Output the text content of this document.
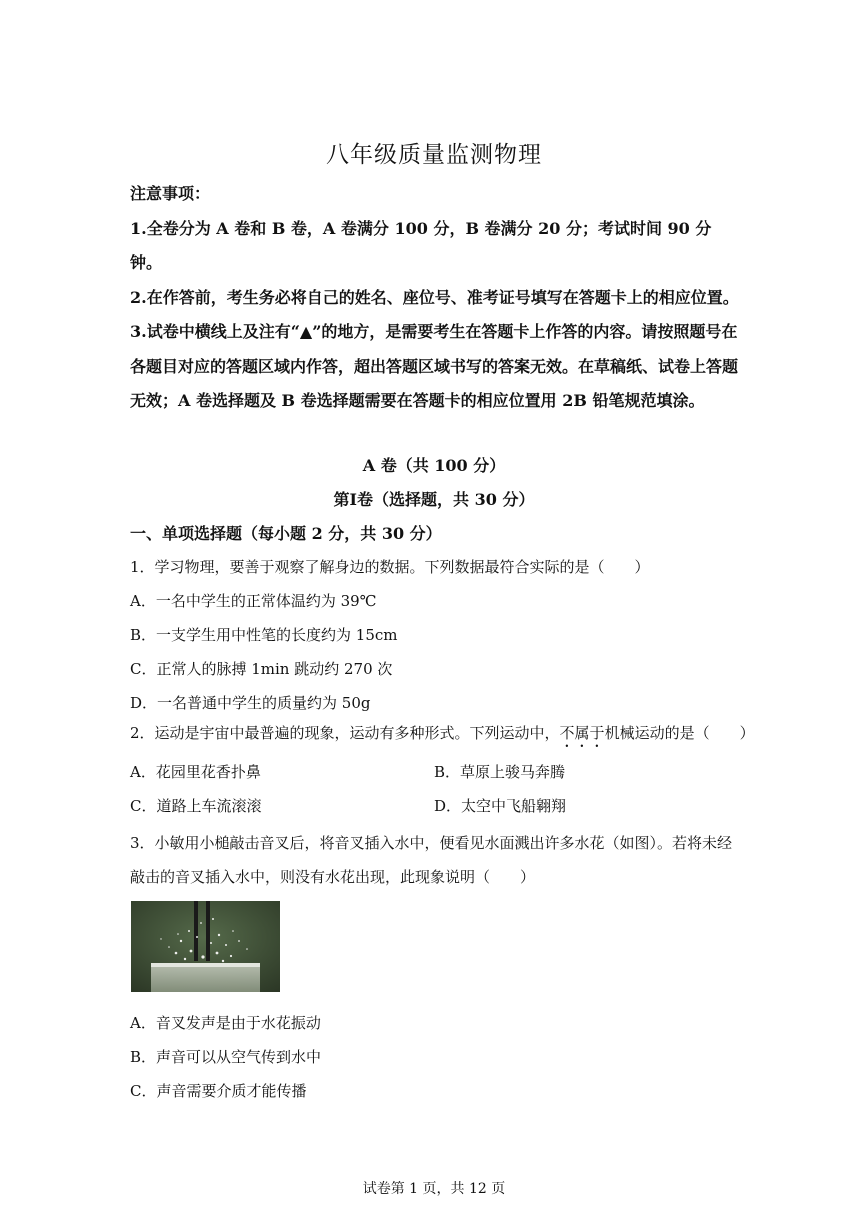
八年级质量监测物理

注意事项：

1.全卷分为 A 卷和 B 卷，A 卷满分 100 分，B 卷满分 20 分；考试时间 90 分钟。

2.在作答前，考生务必将自己的姓名、座位号、准考证号填写在答题卡上的相应位置。

3.试卷中横线上及注有“▲”的地方，是需要考生在答题卡上作答的内容。请按照题号在各题目对应的答题区域内作答，超出答题区域书写的答案无效。在草稿纸、试卷上答题无效；A 卷选择题及 B 卷选择题需要在答题卡的相应位置用 2B 铅笔规范填涂。

A 卷（共 100 分）
第Ⅰ卷（选择题，共 30 分）
一、单项选择题（每小题 2 分，共 30 分）
1．学习物理，要善于观察了解身边的数据。下列数据最符合实际的是（　　）
A．一名中学生的正常体温约为 39℃
B．一支学生用中性笔的长度约为 15cm
C．正常人的脉搏 1min 跳动约 270 次
D．一名普通中学生的质量约为 50g
2．运动是宇宙中最普遍的现象，运动有多种形式。下列运动中，不属于机械运动的是（　　）
A．花园里花香扑鼻	B．草原上骏马奔腾
C．道路上车流滚滚	D．太空中飞船翱翔
3．小敏用小槌敲击音叉后，将音叉插入水中，便看见水面溅出许多水花（如图）。若将未经敲击的音叉插入水中，则没有水花出现，此现象说明（　　）
A．音叉发声是由于水花振动
B．声音可以从空气传到水中
C．声音需要介质才能传播
试卷第 1 页，共 12 页
